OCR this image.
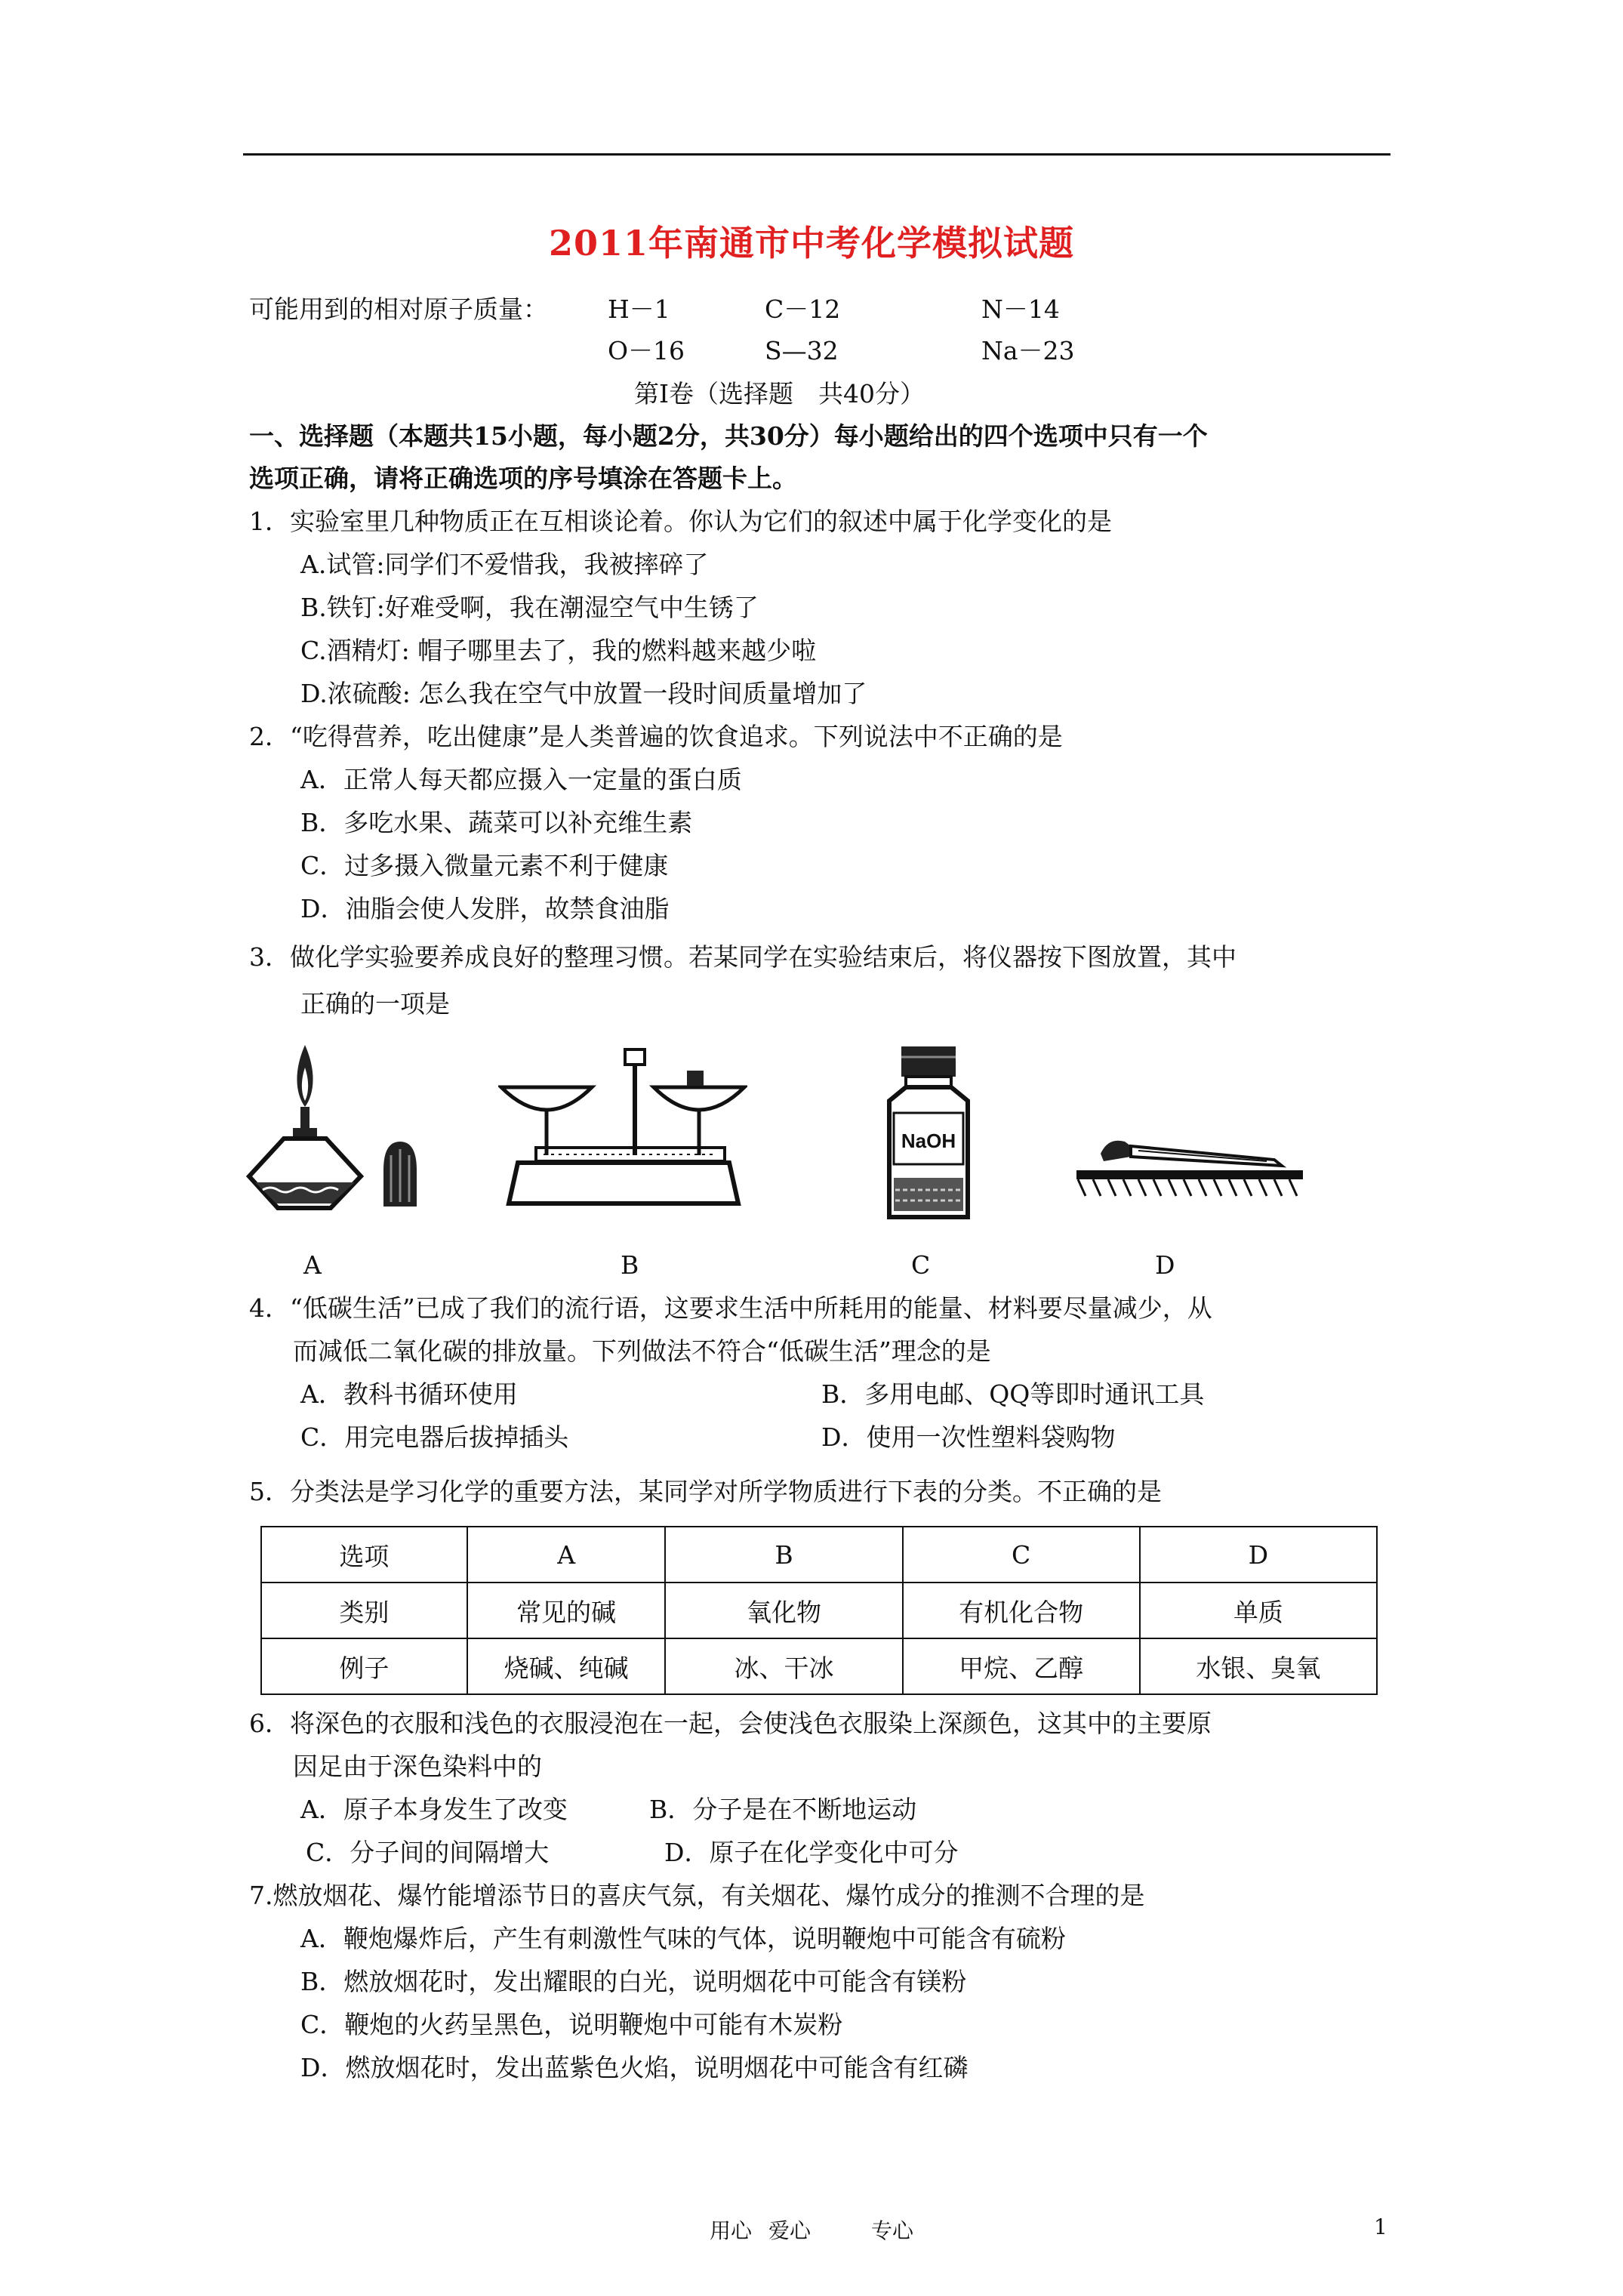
2011年南通市中考化学模拟试题
可能用到的相对原子质量： H－1	C－12	N－14
O－16	S—32	Na－23
第Ⅰ卷（选择题　共40分）
一、选择题（本题共15小题，每小题2分，共30分）每小题给出的四个选项中只有一个
选项正确，请将正确选项的序号填涂在答题卡上。
1．实验室里几种物质正在互相谈论着。你认为它们的叙述中属于化学变化的是
A.试管:同学们不爱惜我，我被摔碎了
B.铁钉:好难受啊，我在潮湿空气中生锈了
C.酒精灯: 帽子哪里去了，我的燃料越来越少啦
D.浓硫酸: 怎么我在空气中放置一段时间质量增加了
2．“吃得营养，吃出健康”是人类普遍的饮食追求。下列说法中不正确的是
A．正常人每天都应摄入一定量的蛋白质
B．多吃水果、蔬菜可以补充维生素
C．过多摄入微量元素不利于健康
D．油脂会使人发胖，故禁食油脂
3．做化学实验要养成良好的整理习惯。若某同学在实验结束后，将仪器按下图放置，其中
正确的一项是
A	B
NaOH
C	D
4．“低碳生活”已成了我们的流行语，这要求生活中所耗用的能量、材料要尽量减少，从
而减低二氧化碳的排放量。下列做法不符合“低碳生活”理念的是
A．教科书循环使用	B．多用电邮、QQ等即时通讯工具
C．用完电器后拔掉插头	D．使用一次性塑料袋购物
5．分类法是学习化学的重要方法，某同学对所学物质进行下表的分类。不正确的是
选项	A	B	C	D
类别	常见的碱	氧化物	有机化合物	单质
例子	烧碱、纯碱	冰、干冰	甲烷、乙醇	水银、臭氧
6．将深色的衣服和浅色的衣服浸泡在一起，会使浅色衣服染上深颜色，这其中的主要原
因足由于深色染料中的
A．原子本身发生了改变	B．分子是在不断地运动
C．分子间的间隔增大	D．原子在化学变化中可分
7.燃放烟花、爆竹能增添节日的喜庆气氛，有关烟花、爆竹成分的推测不合理的是
A．鞭炮爆炸后，产生有刺激性气味的气体，说明鞭炮中可能含有硫粉
B．燃放烟花时，发出耀眼的白光，说明烟花中可能含有镁粉
C．鞭炮的火药呈黑色，说明鞭炮中可能有木炭粉
D．燃放烟花时，发出蓝紫色火焰，说明烟花中可能含有红磷
用心 爱心	专心	1
